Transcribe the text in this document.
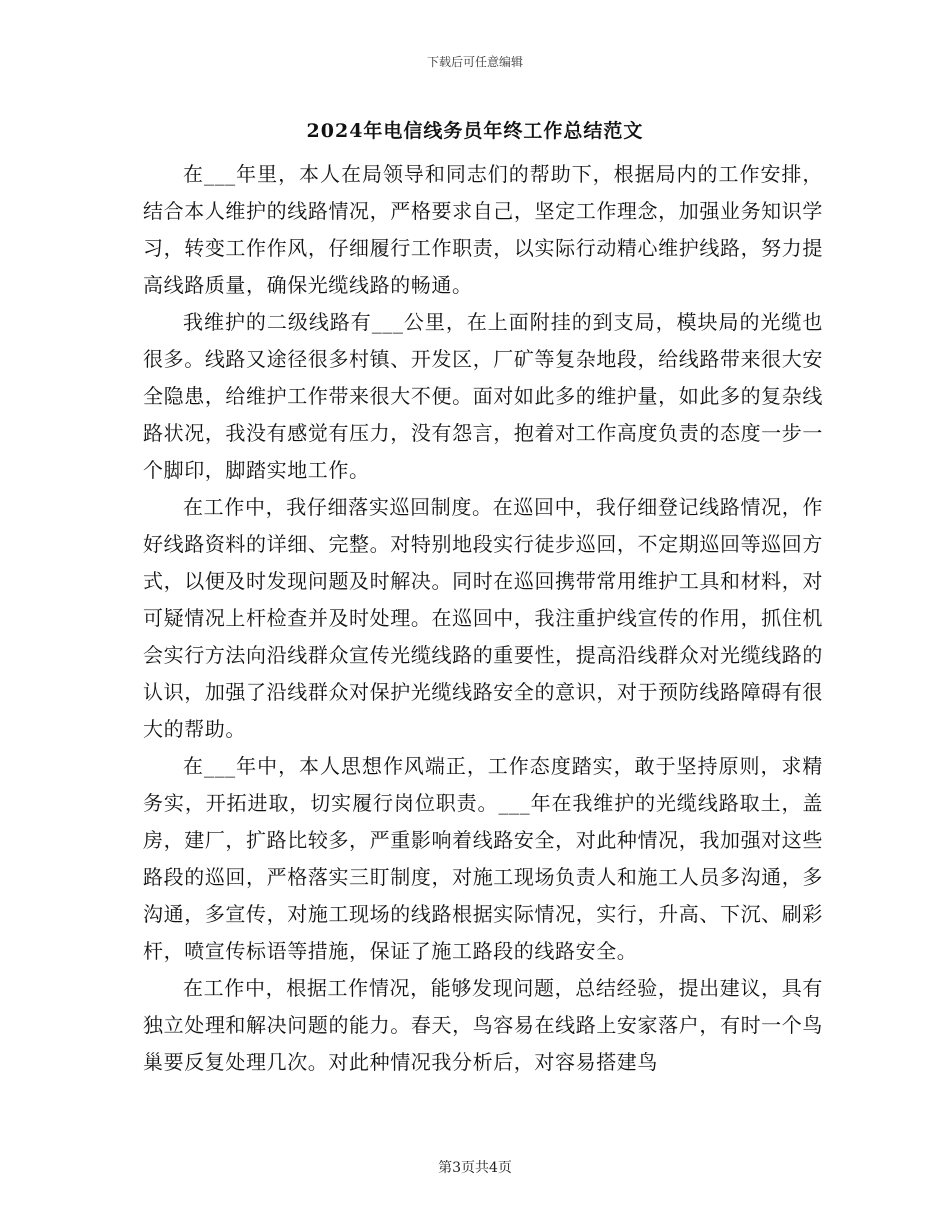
下载后可任意编辑
2024年电信线务员年终工作总结范文

在___年里，本人在局领导和同志们的帮助下，根据局内的工作安排，结合本人维护的线路情况，严格要求自己，坚定工作理念，加强业务知识学习，转变工作作风，仔细履行工作职责，以实际行动精心维护线路，努力提高线路质量，确保光缆线路的畅通。

我维护的二级线路有___公里，在上面附挂的到支局，模块局的光缆也很多。线路又途径很多村镇、开发区，厂矿等复杂地段，给线路带来很大安全隐患，给维护工作带来很大不便。面对如此多的维护量，如此多的复杂线路状况，我没有感觉有压力，没有怨言，抱着对工作高度负责的态度一步一个脚印，脚踏实地工作。

在工作中，我仔细落实巡回制度。在巡回中，我仔细登记线路情况，作好线路资料的详细、完整。对特别地段实行徒步巡回，不定期巡回等巡回方式，以便及时发现问题及时解决。同时在巡回携带常用维护工具和材料，对可疑情况上杆检查并及时处理。在巡回中，我注重护线宣传的作用，抓住机会实行方法向沿线群众宣传光缆线路的重要性，提高沿线群众对光缆线路的认识，加强了沿线群众对保护光缆线路安全的意识，对于预防线路障碍有很大的帮助。

在___年中，本人思想作风端正，工作态度踏实，敢于坚持原则，求精务实，开拓进取，切实履行岗位职责。___年在我维护的光缆线路取土，盖房，建厂，扩路比较多，严重影响着线路安全，对此种情况，我加强对这些路段的巡回，严格落实三盯制度，对施工现场负责人和施工人员多沟通，多沟通，多宣传，对施工现场的线路根据实际情况，实行，升高、下沉、刷彩杆，喷宣传标语等措施，保证了施工路段的线路安全。

在工作中，根据工作情况，能够发现问题，总结经验，提出建议，具有独立处理和解决问题的能力。春天，鸟容易在线路上安家落户，有时一个鸟巢要反复处理几次。对此种情况我分析后，对容易搭建鸟

第3页共4页
